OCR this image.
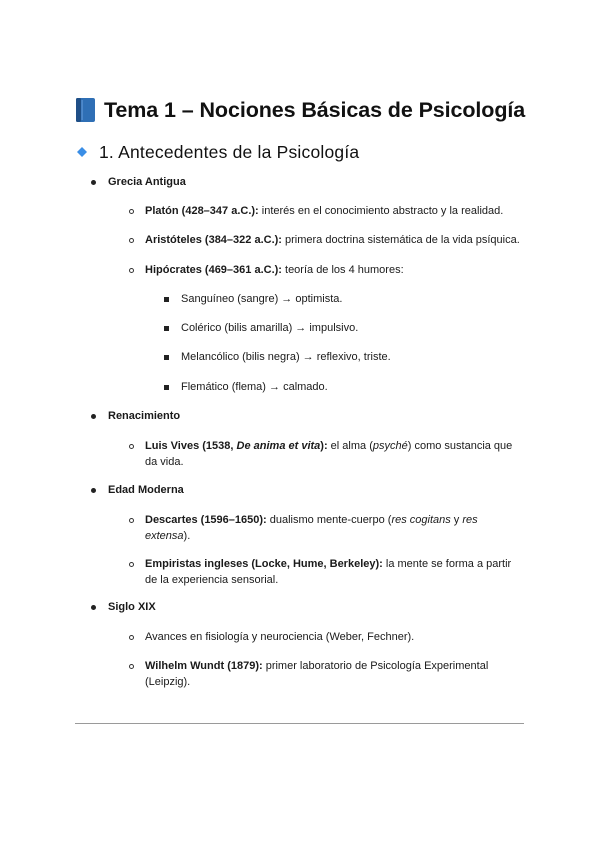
Tema 1 – Nociones Básicas de Psicología
1. Antecedentes de la Psicología
Grecia Antigua
Platón (428–347 a.C.): interés en el conocimiento abstracto y la realidad.
Aristóteles (384–322 a.C.): primera doctrina sistemática de la vida psíquica.
Hipócrates (469–361 a.C.): teoría de los 4 humores:
Sanguíneo (sangre) → optimista.
Colérico (bilis amarilla) → impulsivo.
Melancólico (bilis negra) → reflexivo, triste.
Flemático (flema) → calmado.
Renacimiento
Luis Vives (1538, De anima et vita): el alma (psyché) como sustancia que
da vida.
Edad Moderna
Descartes (1596–1650): dualismo mente-cuerpo (res cogitans y res
extensa).
Empiristas ingleses (Locke, Hume, Berkeley): la mente se forma a partir
de la experiencia sensorial.
Siglo XIX
Avances en fisiología y neurociencia (Weber, Fechner).
Wilhelm Wundt (1879): primer laboratorio de Psicología Experimental
(Leipzig).
